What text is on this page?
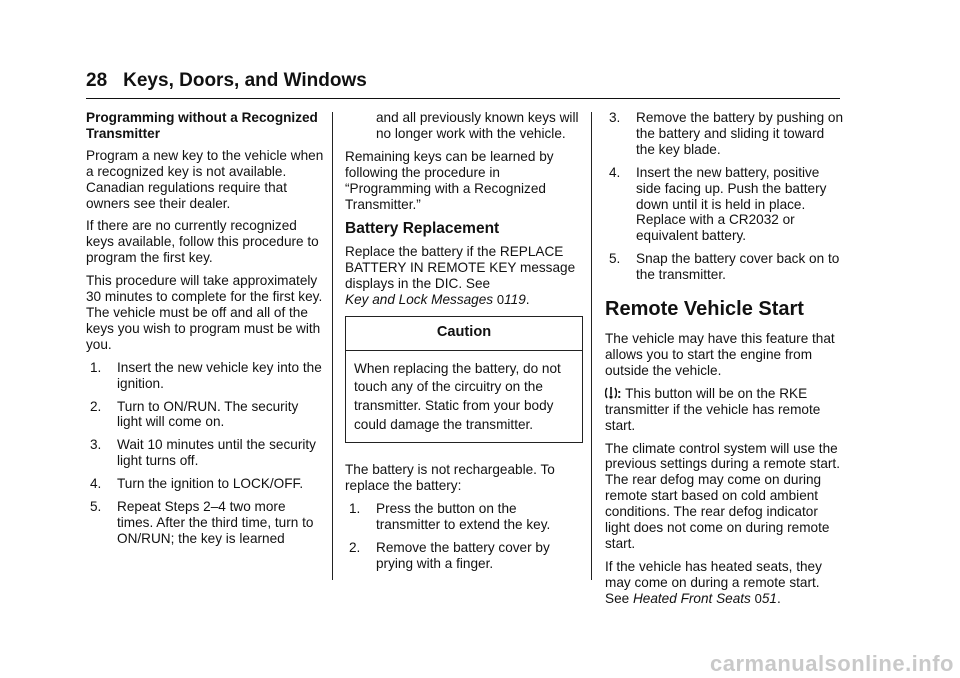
28 Keys, Doors, and Windows

Programming without a Recognized Transmitter

Program a new key to the vehicle when a recognized key is not available. Canadian regulations require that owners see their dealer.

If there are no currently recognized keys available, follow this procedure to program the first key.

This procedure will take approximately 30 minutes to complete for the first key. The vehicle must be off and all of the keys you wish to program must be with you.

1. Insert the new vehicle key into the ignition.
2. Turn to ON/RUN. The security light will come on.
3. Wait 10 minutes until the security light turns off.
4. Turn the ignition to LOCK/OFF.
5. Repeat Steps 2–4 two more times. After the third time, turn to ON/RUN; the key is learned

and all previously known keys will no longer work with the vehicle.

Remaining keys can be learned by following the procedure in “Programming with a Recognized Transmitter.”

Battery Replacement

Replace the battery if the REPLACE BATTERY IN REMOTE KEY message displays in the DIC. See
Key and Lock Messages 0119.

Caution
When replacing the battery, do not touch any of the circuitry on the transmitter. Static from your body could damage the transmitter.

The battery is not rechargeable. To replace the battery:

1. Press the button on the transmitter to extend the key.
2. Remove the battery cover by prying with a finger.
3. Remove the battery by pushing on the battery and sliding it toward the key blade.
4. Insert the new battery, positive side facing up. Push the battery down until it is held in place. Replace with a CR2032 or equivalent battery.
5. Snap the battery cover back on to the transmitter.
Remote Vehicle Start

The vehicle may have this feature that allows you to start the engine from outside the vehicle.

: This button will be on the RKE transmitter if the vehicle has remote start.

The climate control system will use the previous settings during a remote start. The rear defog may come on during remote start based on cold ambient conditions. The rear defog indicator light does not come on during remote start.

If the vehicle has heated seats, they may come on during a remote start. See Heated Front Seats 051.

carmanualsonline.info
